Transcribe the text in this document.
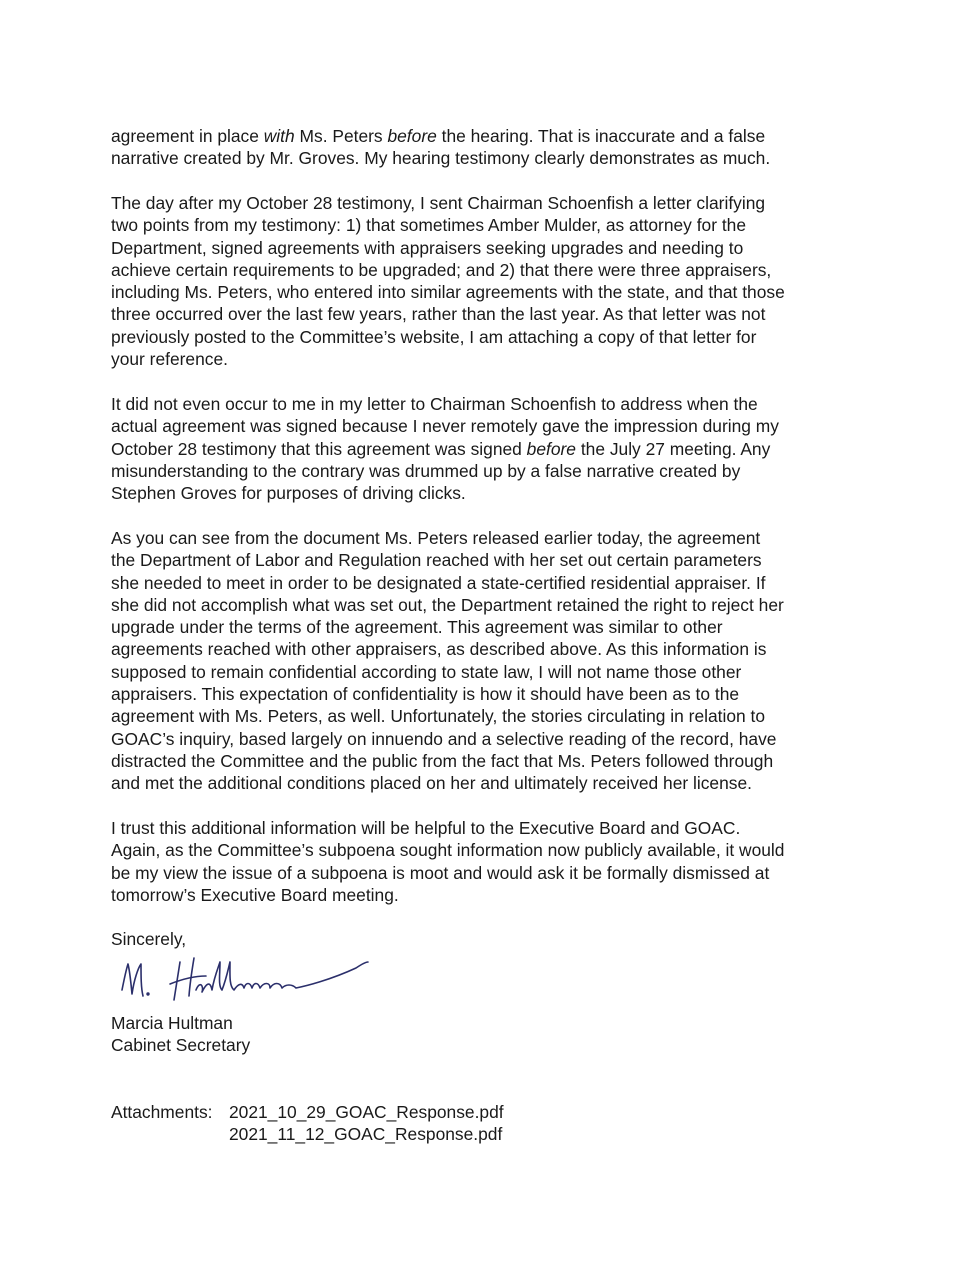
agreement in place with Ms. Peters before the hearing. That is inaccurate and a false
narrative created by Mr. Groves. My hearing testimony clearly demonstrates as much.
The day after my October 28 testimony, I sent Chairman Schoenfish a letter clarifying
two points from my testimony: 1) that sometimes Amber Mulder, as attorney for the
Department, signed agreements with appraisers seeking upgrades and needing to
achieve certain requirements to be upgraded; and 2) that there were three appraisers,
including Ms. Peters, who entered into similar agreements with the state, and that those
three occurred over the last few years, rather than the last year. As that letter was not
previously posted to the Committee’s website, I am attaching a copy of that letter for
your reference.
It did not even occur to me in my letter to Chairman Schoenfish to address when the
actual agreement was signed because I never remotely gave the impression during my
October 28 testimony that this agreement was signed before the July 27 meeting. Any
misunderstanding to the contrary was drummed up by a false narrative created by
Stephen Groves for purposes of driving clicks.
As you can see from the document Ms. Peters released earlier today, the agreement
the Department of Labor and Regulation reached with her set out certain parameters
she needed to meet in order to be designated a state-certified residential appraiser. If
she did not accomplish what was set out, the Department retained the right to reject her
upgrade under the terms of the agreement. This agreement was similar to other
agreements reached with other appraisers, as described above. As this information is
supposed to remain confidential according to state law, I will not name those other
appraisers. This expectation of confidentiality is how it should have been as to the
agreement with Ms. Peters, as well. Unfortunately, the stories circulating in relation to
GOAC’s inquiry, based largely on innuendo and a selective reading of the record, have
distracted the Committee and the public from the fact that Ms. Peters followed through
and met the additional conditions placed on her and ultimately received her license.
I trust this additional information will be helpful to the Executive Board and GOAC.
Again, as the Committee’s subpoena sought information now publicly available, it would
be my view the issue of a subpoena is moot and would ask it be formally dismissed at
tomorrow’s Executive Board meeting.
Sincerely,
Marcia Hultman
Cabinet Secretary
Attachments: 2021_10_29_GOAC_Response.pdf
2021_11_12_GOAC_Response.pdf
